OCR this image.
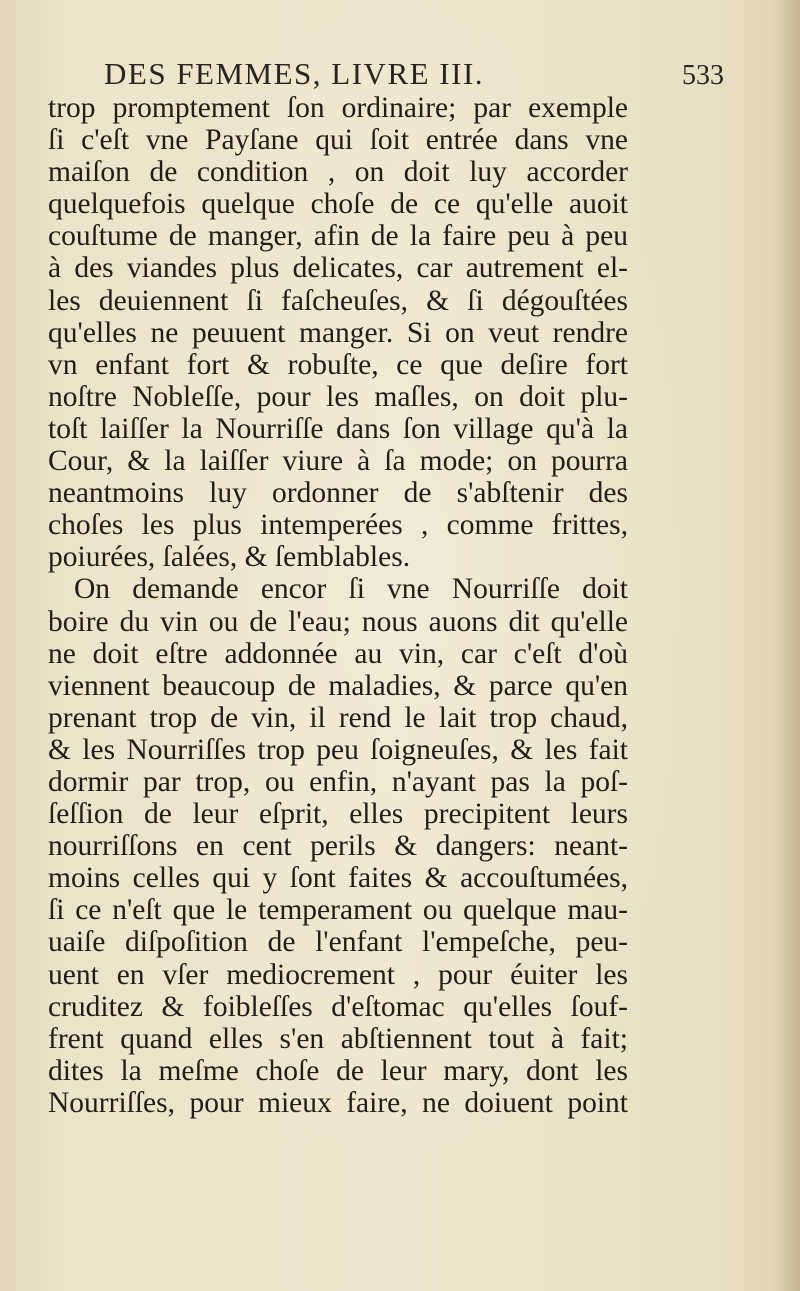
DES FEMMES, LIVRE III.	533
trop promptement ſon ordinaire; par exemple
ſi c'eſt vne Payſane qui ſoit entrée dans vne
maiſon de condition , on doit luy accorder
quelquefois quelque choſe de ce qu'elle auoit
couſtume de manger, afin de la faire peu à peu
à des viandes plus delicates, car autrement el-
les deuiennent ſi faſcheuſes, & ſi dégouſtées
qu'elles ne peuuent manger. Si on veut rendre
vn enfant fort & robuſte, ce que deſire fort
noſtre Nobleſſe, pour les maſles, on doit plu-
toſt laiſſer la Nourriſſe dans ſon village qu'à la
Cour, & la laiſſer viure à ſa mode; on pourra
neantmoins luy ordonner de s'abſtenir des
choſes les plus intemperées , comme frittes,
poiurées, ſalées, & ſemblables.
On demande encor ſi vne Nourriſſe doit
boire du vin ou de l'eau; nous auons dit qu'elle
ne doit eſtre addonnée au vin, car c'eſt d'où
viennent beaucoup de maladies, & parce qu'en
prenant trop de vin, il rend le lait trop chaud,
& les Nourriſſes trop peu ſoigneuſes, & les fait
dormir par trop, ou enfin, n'ayant pas la poſ-
ſeſſion de leur eſprit, elles precipitent leurs
nourriſſons en cent perils & dangers: neant-
moins celles qui y ſont faites & accouſtumées,
ſi ce n'eſt que le temperament ou quelque mau-
uaiſe diſpoſition de l'enfant l'empeſche, peu-
uent en vſer mediocrement , pour éuiter les
cruditez & foibleſſes d'eſtomac qu'elles ſouf-
frent quand elles s'en abſtiennent tout à fait;
dites la meſme choſe de leur mary, dont les
Nourriſſes, pour mieux faire, ne doiuent point
